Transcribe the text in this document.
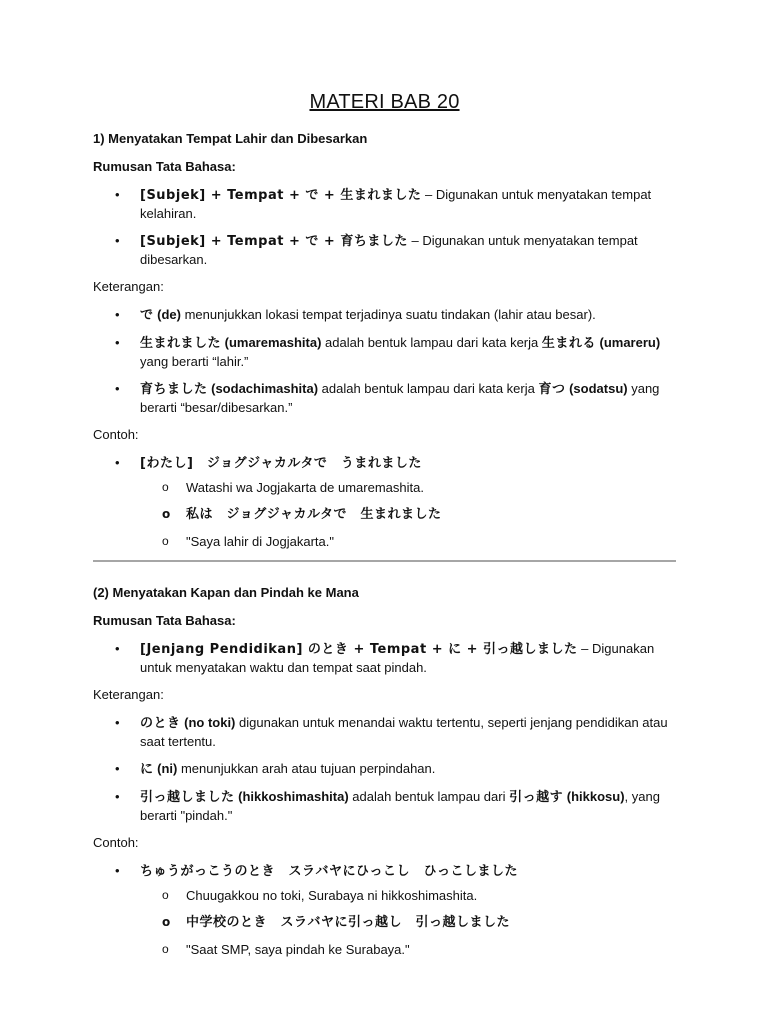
MATERI BAB 20
1) Menyatakan Tempat Lahir dan Dibesarkan
Rumusan Tata Bahasa:
• [Subjek] + Tempat + で + 生まれました – Digunakan untuk menyatakan tempat kelahiran.
• [Subjek] + Tempat + で + 育ちました – Digunakan untuk menyatakan tempat dibesarkan.
Keterangan:
• で (de) menunjukkan lokasi tempat terjadinya suatu tindakan (lahir atau besar).
• 生まれました (umaremashita) adalah bentuk lampau dari kata kerja 生まれる (umareru) yang berarti “lahir.”
• 育ちました (sodachimashita) adalah bentuk lampau dari kata kerja 育つ (sodatsu) yang berarti “besar/dibesarkan.”
Contoh:
• [わたし]　ジョグジャカルタで　うまれました
o Watashi wa Jogjakarta de umaremashita.
o 私は　ジョグジャカルタで　生まれました
o "Saya lahir di Jogjakarta."
(2) Menyatakan Kapan dan Pindah ke Mana
Rumusan Tata Bahasa:
• [Jenjang Pendidikan] のとき + Tempat + に + 引っ越しました – Digunakan untuk menyatakan waktu dan tempat saat pindah.
Keterangan:
• のとき (no toki) digunakan untuk menandai waktu tertentu, seperti jenjang pendidikan atau saat tertentu.
• に (ni) menunjukkan arah atau tujuan perpindahan.
• 引っ越しました (hikkoshimashita) adalah bentuk lampau dari 引っ越す (hikkosu), yang berarti "pindah."
Contoh:
• ちゅうがっこうのとき　スラバヤにひっこし　ひっこしました
o Chuugakkou no toki, Surabaya ni hikkoshimashita.
o 中学校のとき　スラバヤに引っ越し　引っ越しました
o "Saat SMP, saya pindah ke Surabaya."
